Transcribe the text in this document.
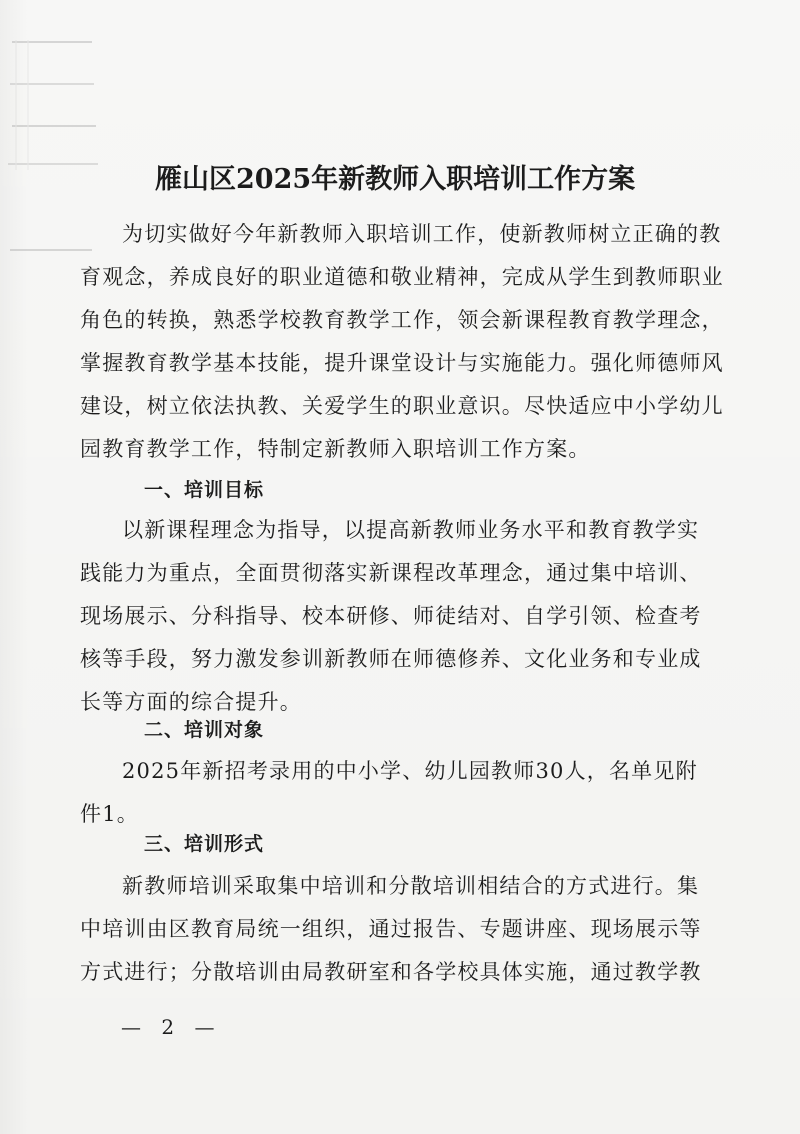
雁山区2025年新教师入职培训工作方案
为切实做好今年新教师入职培训工作，使新教师树立正确的教
育观念，养成良好的职业道德和敬业精神，完成从学生到教师职业
角色的转换，熟悉学校教育教学工作，领会新课程教育教学理念，
掌握教育教学基本技能，提升课堂设计与实施能力。强化师德师风
建设，树立依法执教、关爱学生的职业意识。尽快适应中小学幼儿
园教育教学工作，特制定新教师入职培训工作方案。
一、培训目标
以新课程理念为指导，以提高新教师业务水平和教育教学实
践能力为重点，全面贯彻落实新课程改革理念，通过集中培训、
现场展示、分科指导、校本研修、师徒结对、自学引领、检查考
核等手段，努力激发参训新教师在师德修养、文化业务和专业成
长等方面的综合提升。
二、培训对象
2025年新招考录用的中小学、幼儿园教师30人，名单见附
件1。
三、培训形式
新教师培训采取集中培训和分散培训相结合的方式进行。集
中培训由区教育局统一组织，通过报告、专题讲座、现场展示等
方式进行；分散培训由局教研室和各学校具体实施，通过教学教
— 2 —
